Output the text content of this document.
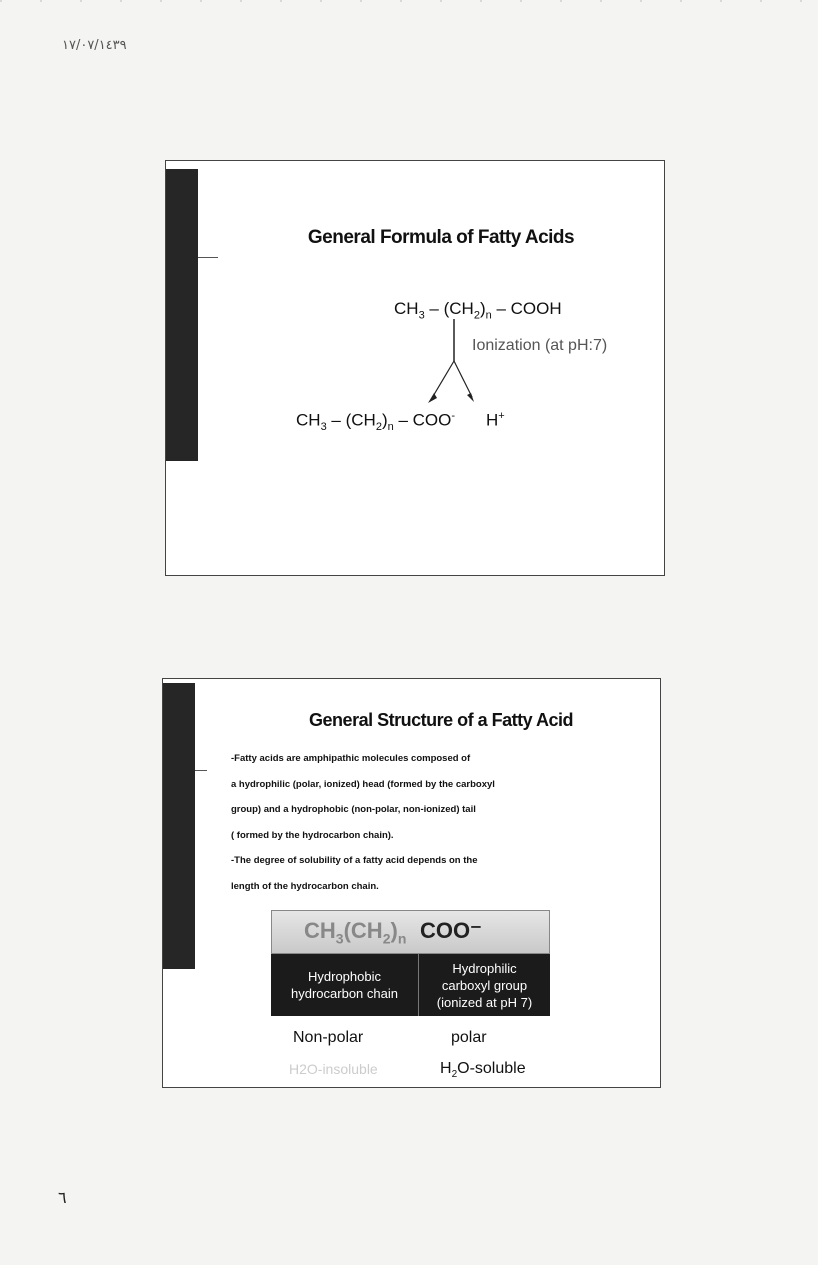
١٧/٠٧/١٤٣٩
General Formula of Fatty Acids
$CH_3 - (CH_2)_n$ – COOH
Ionization (at pH:7)
$CH_3 - (CH_2)_n - COO^-$ H+
General Structure of a Fatty Acid
-Fatty acids are amphipathic molecules composed of
a hydrophilic (polar, ionized) head (formed by the carboxyl
group) and a hydrophobic (non-polar, non-ionized) tail
( formed by the hydrocarbon chain).
-The degree of solubility of a fatty acid depends on the
length of the hydrocarbon chain.
$CH_3(CH_2)_n$ COO⁻
Hydrophobic
hydrocarbon chain
Hydrophilic
carboxyl group
(ionized at pH 7)
Non-polar	polar
H2O-insoluble	$H_2O$-soluble
٦
